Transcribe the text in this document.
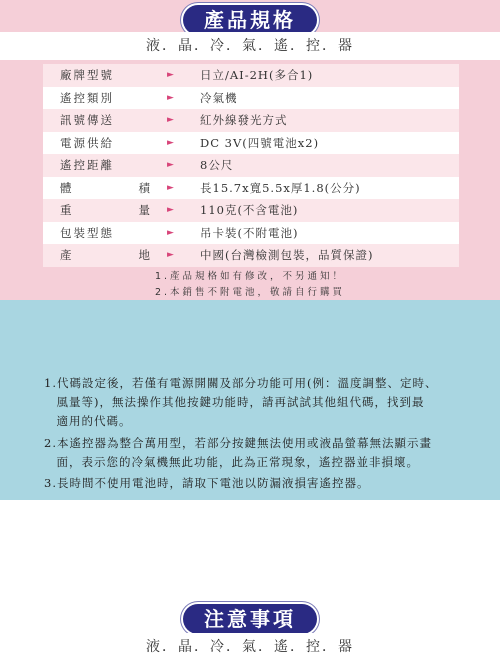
產品規格
液．晶．冷．氣．遙．控．器
廠牌型號	► 日立/AI-2H(多合1)
遙控類別	► 冷氣機
訊號傳送	► 紅外線發光方式
電源供給	► DC 3V(四號電池x2)
遙控距離	► 8公尺
體	積 ► 長15.7x寬5.5x厚1.8(公分)
重	量 ► 110克(不含電池)
包裝型態	► 吊卡裝(不附電池)
產	地 ► 中國(台灣檢測包裝，品質保證)
1.產品規格如有修改，不另通知！
2.本銷售不附電池，敬請自行購買
注意事項
液．晶．冷．氣．遙．控．器
1.代碼設定後，若僅有電源開關及部分功能可用(例：溫度調整、定時、
　風量等)，無法操作其他按鍵功能時，請再試試其他組代碼，找到最
　適用的代碼。
2.本遙控器為整合萬用型，若部分按鍵無法使用或液晶螢幕無法顯示畫
　面，表示您的冷氣機無此功能，此為正常現象，遙控器並非損壞。
3.長時間不使用電池時，請取下電池以防漏液損害遙控器。
